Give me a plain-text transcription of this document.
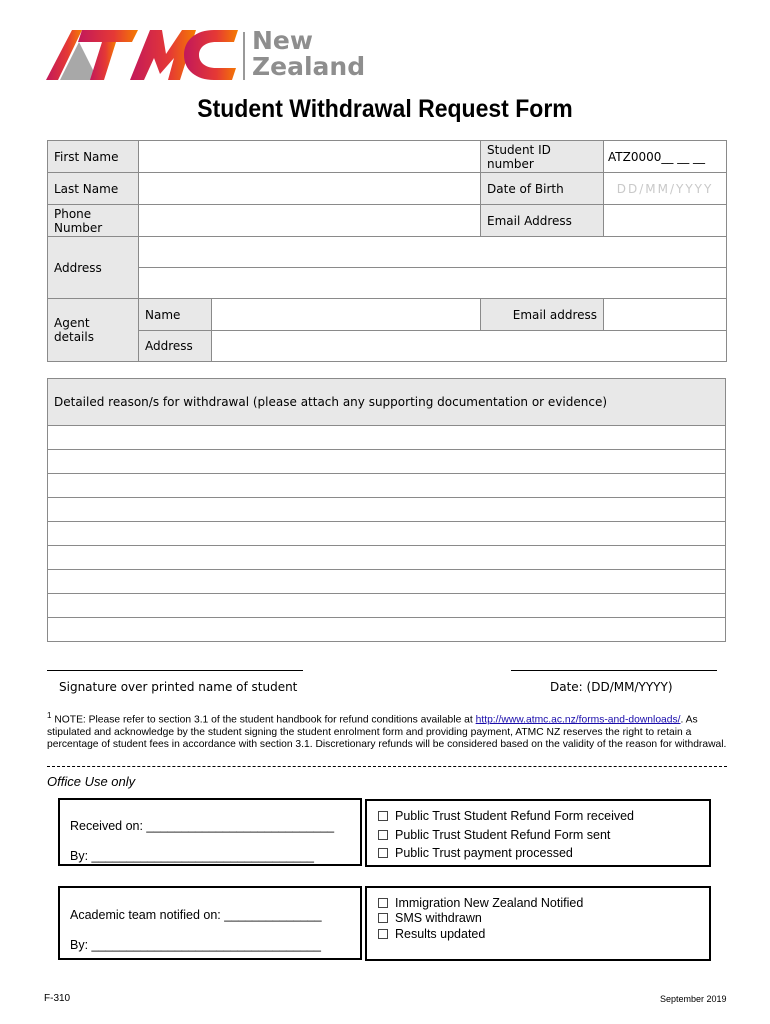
New
Zealand
Student Withdrawal Request Form
First Name			Student ID number	ATZ0000__ __ __
Last Name			Date of Birth	DD/MM/YYYY
Phone Number			Email Address	
Address				

Agent details	Name		Email address	
	Address			
Detailed reason/s for withdrawal (please attach any supporting documentation or evidence)

Signature over printed name of student	Date: (DD/MM/YYYY)
$^1$ NOTE: Please refer to section 3.1 of the student handbook for refund conditions available at http://www.atmc.ac.nz/forms-and-downloads/. As stipulated and acknowledge by the student signing the student enrolment form and providing payment, ATMC NZ reserves the right to retain a percentage of student fees in accordance with section 3.1. Discretionary refunds will be considered based on the validity of the reason for withdrawal.
Office Use only
Received on: ___________________________
By: ________________________________
Public Trust Student Refund Form received
Public Trust Student Refund Form sent
Public Trust payment processed
Academic team notified on: ______________
By: _________________________________
Immigration New Zealand Notified
SMS withdrawn
Results updated
F-310	September 2019
